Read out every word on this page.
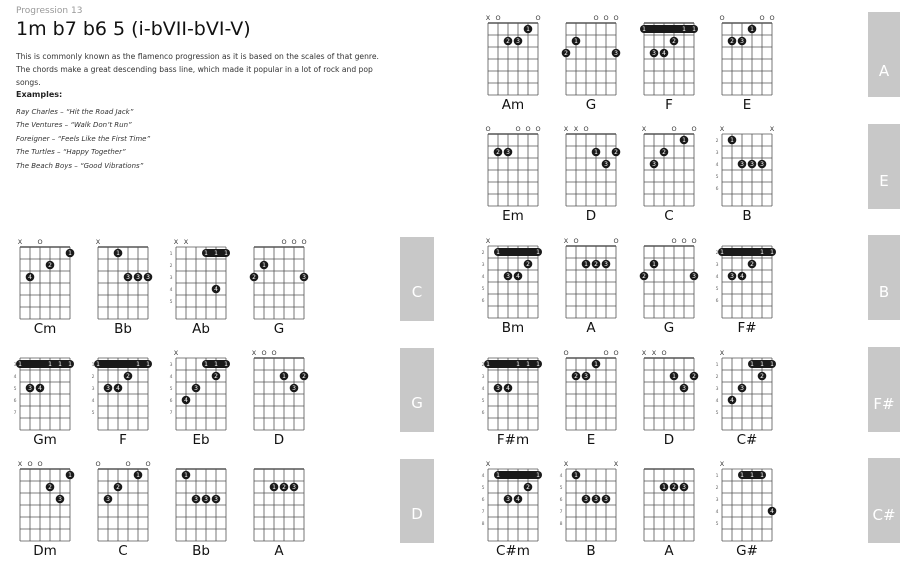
Progression 13
1m b7 b6 5 (i-bVII-bVI-V)

This is commonly known as the flamenco progression as it is based on the scales of that genre. The chords make a great descending bass line, which made it popular in a lot of rock and pop songs.

Examples:
Ray Charles – “Hit the Road Jack”
The Ventures – “Walk Don’t Run”
Foreigner – “Feels Like the First Time”
The Turtles – “Happy Together”
The Beach Boys – “Good Vibrations”
C
G
D
A
E
B
F#
C#
X O
1
2
4
Cm
X
1
3 3 3
Bb
X X
1
2
3
4
5
1 1 1
4
Ab
O O O
1
2	3
G
3
4
5
6
7
1	1 1 1
3 4
Gm
1
2
3
4
5
1	1 1
2
3 4
F
X
3
4
5
6
7
1 1 1
2
3
4
Eb
X O O
1	2
3
D
X O O
1
2
3
Dm
O	O O
1
2
3
C
1
3 3 3
Bb
1 2 3
A
X O	O
1
2 3
Am
O O O
1
2	3
G
1	1 1
2
3 4
F
O	O O
1
2 3
E
O	O O O
2 3
Em
X X O
1	2
3
D
X	O O
1
2
3
C
X	X
2
3
4
5
6
1
3 3 3
B
X
2
3
4
5
6
1	1
2
3 4
Bm
X O	O
1 2 3
A
O O O
1
2	3
G
2
3
4
5
6
1	1 1
2
3 4
F#
2
3
4
5
6
1	1 1 1
3 4
F#m
O	O O
1
2 3
E
X X O
1	2
3
D
X
1
2
3
4
5
1 1 1
2
3
4
C#
X
4
5
6
7
8
1	1
2
3 4
C#m
X	X
4
5
6
7
8
1
3 3 3
B
1 2 3
A
X
1
2
3
4
5
1 1 1
4
G#
